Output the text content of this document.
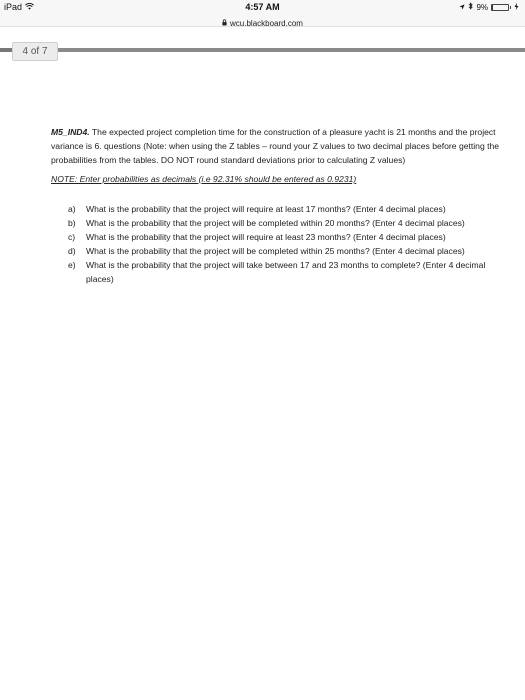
iPad	4:57 AM
wcu.blackboard.com
9%
4 of 7
M5_IND4. The expected project completion time for the construction of a pleasure yacht is 21 months and the project variance is 6. questions (Note: when using the Z tables – round your Z values to two decimal places before getting the probabilities from the tables. DO NOT round standard deviations prior to calculating Z values)
NOTE: Enter probabilities as decimals (i.e 92.31% should be entered as 0.9231)
a) What is the probability that the project will require at least 17 months? (Enter 4 decimal places)
b) What is the probability that the project will be completed within 20 months? (Enter 4 decimal places)
c) What is the probability that the project will require at least 23 months? (Enter 4 decimal places)
d) What is the probability that the project will be completed within 25 months? (Enter 4 decimal places)
e) What is the probability that the project will take between 17 and 23 months to complete? (Enter 4 decimal places)
